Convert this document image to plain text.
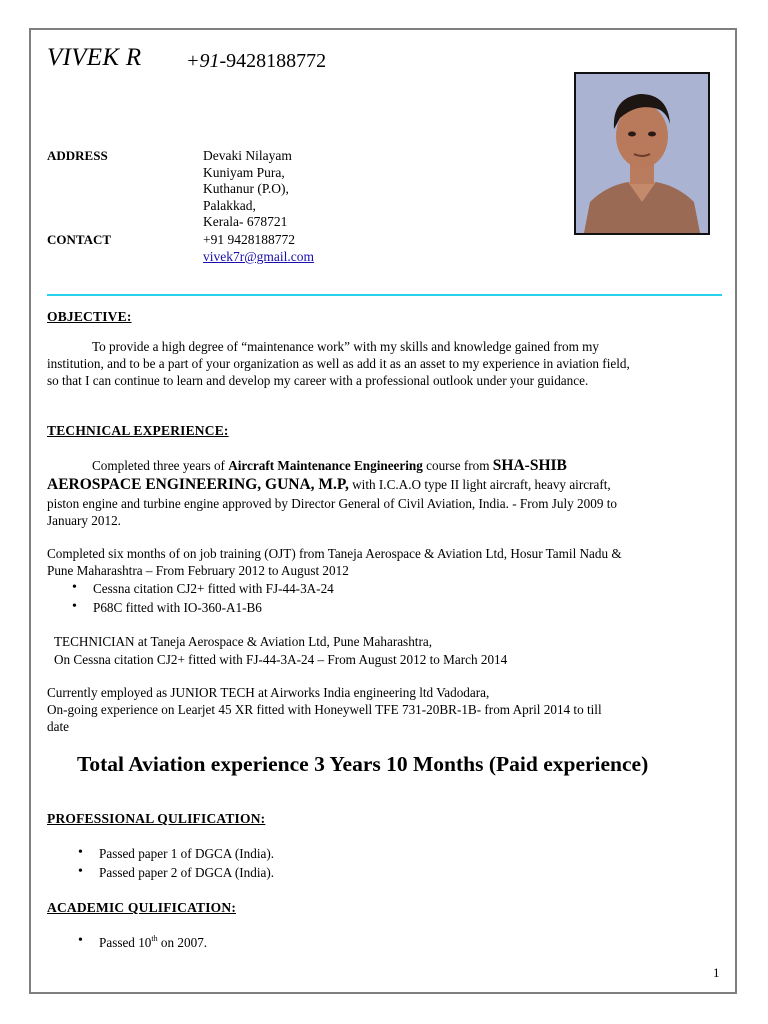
VIVEK R +91-9428188772
ADDRESS	Devaki Nilayam
Kuniyam Pura,
Kuthanur (P.O),
Palakkad,
Kerala- 678721
CONTACT	+91 9428188772
vivek7r@gmail.com
OBJECTIVE:
To provide a high degree of “maintenance work” with my skills and knowledge gained from my
institution, and to be a part of your organization as well as add it as an asset to my experience in aviation field,
so that I can continue to learn and develop my career with a professional outlook under your guidance.
TECHNICAL EXPERIENCE:
Completed three years of Aircraft Maintenance Engineering course from SHA-SHIB
AEROSPACE ENGINEERING, GUNA, M.P, with I.C.A.O type II light aircraft, heavy aircraft,
piston engine and turbine engine approved by Director General of Civil Aviation, India. - From July 2009 to
January 2012.
Completed six months of on job training (OJT) from Taneja Aerospace & Aviation Ltd, Hosur Tamil Nadu &
Pune Maharashtra – From February 2012 to August 2012
• Cessna citation CJ2+ fitted with FJ-44-3A-24
• P68C fitted with IO-360-A1-B6
TECHNICIAN at Taneja Aerospace & Aviation Ltd, Pune Maharashtra,
On Cessna citation CJ2+ fitted with FJ-44-3A-24 – From August 2012 to March 2014
Currently employed as JUNIOR TECH at Airworks India engineering ltd Vadodara,
On-going experience on Learjet 45 XR fitted with Honeywell TFE 731-20BR-1B- from April 2014 to till
date
Total Aviation experience 3 Years 10 Months (Paid experience)
PROFESSIONAL QULIFICATION:
• Passed paper 1 of DGCA (India).
• Passed paper 2 of DGCA (India).
ACADEMIC QULIFICATION:
• Passed 10th on 2007.
1
